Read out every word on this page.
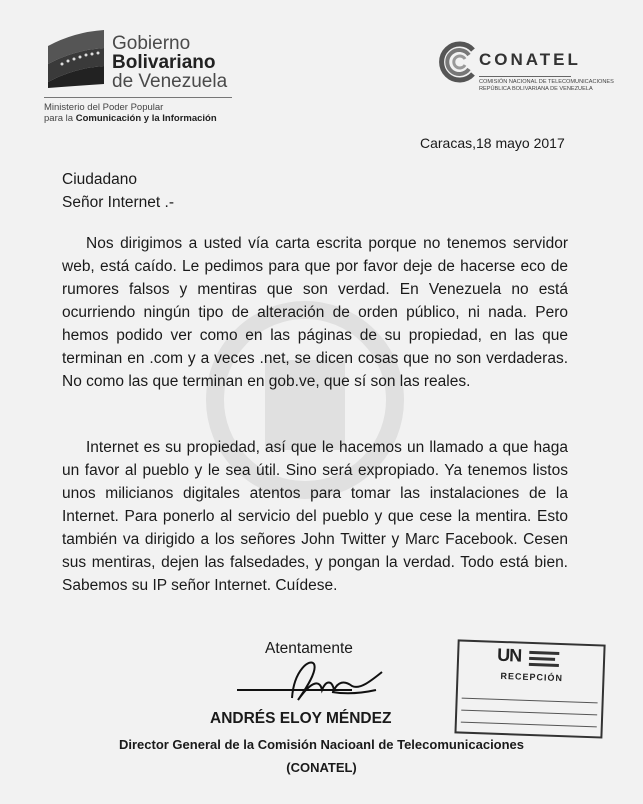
Gobierno
Bolivariano
de Venezuela
Ministerio del Poder Popular
para la Comunicación y la Información
CONATEL
COMISIÓN NACIONAL DE TELECOMUNICACIONES
REPÚBLICA BOLIVARIANA DE VENEZUELA
Caracas,18 mayo 2017
Ciudadano
Señor Internet .-
Nos dirigimos a usted vía carta escrita porque no tenemos servidor web, está caído. Le pedimos para que por favor deje de hacerse eco de rumores falsos y mentiras que son verdad. En Venezuela no está ocurriendo ningún tipo de alteración de orden público, ni nada. Pero hemos podido ver como en las páginas de su propiedad, en las que terminan en .com y a veces .net, se dicen cosas que no son verdaderas. No como las que terminan en gob.ve, que sí son las reales.
Internet es su propiedad, así que le hacemos un llamado a que haga un favor al pueblo y le sea útil. Sino será expropiado. Ya tenemos listos unos milicianos digitales atentos para tomar las instalaciones de la Internet. Para ponerlo al servicio del pueblo y que cese la mentira. Esto también va dirigido a los señores John Twitter y Marc Facebook. Cesen sus mentiras, dejen las falsedades, y pongan la verdad. Todo está bien. Sabemos su IP señor Internet. Cuídese.
Atentamente
ANDRÉS ELOY MÉNDEZ
Director General de la Comisión Nacioanl de Telecomunicaciones
(CONATEL)
UN
RECEPCIÓN
